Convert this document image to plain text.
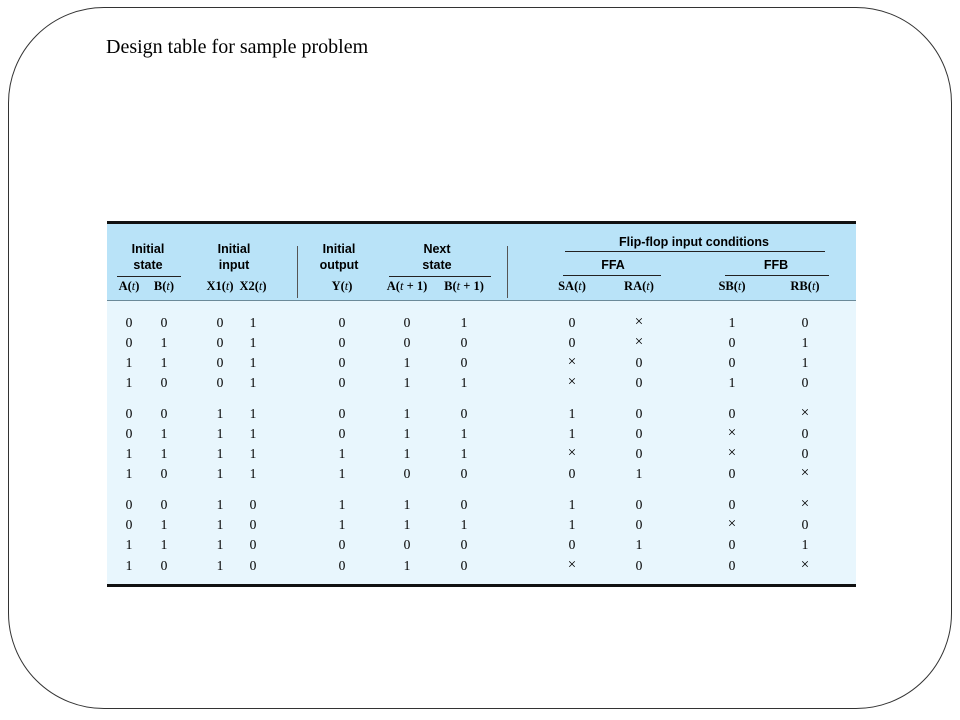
Design table for sample problem
Initial
state
Initial
input
Initial
output
Next
state
Flip-flop input conditions
FFA	FFB
A(t) B(t)	X1(t) X2(t)	Y(t)	A(t + 1) B(t + 1)	SA(t)	RA(t)	SB(t)	RB(t)
0 0	0 1	0	0	1	0	×	1	0
0 1	0 1	0	0	0	0	×	0	1
1 1	0 1	0	1	0	×	0	0	1
1 0	0 1	0	1	1	×	0	1	0
0 0	1 1	0	1	0	1	0	0	×
0 1	1 1	0	1	1	1	0	×	0
1 1	1 1	1	1	1	×	0	×	0
1 0	1 1	1	0	0	0	1	0	×
0 0	1 0	1	1	0	1	0	0	×
0 1	1 0	1	1	1	1	0	×	0
1 1	1 0	0	0	0	0	1	0	1
1 0	1 0	0	1	0	×	0	0	×
